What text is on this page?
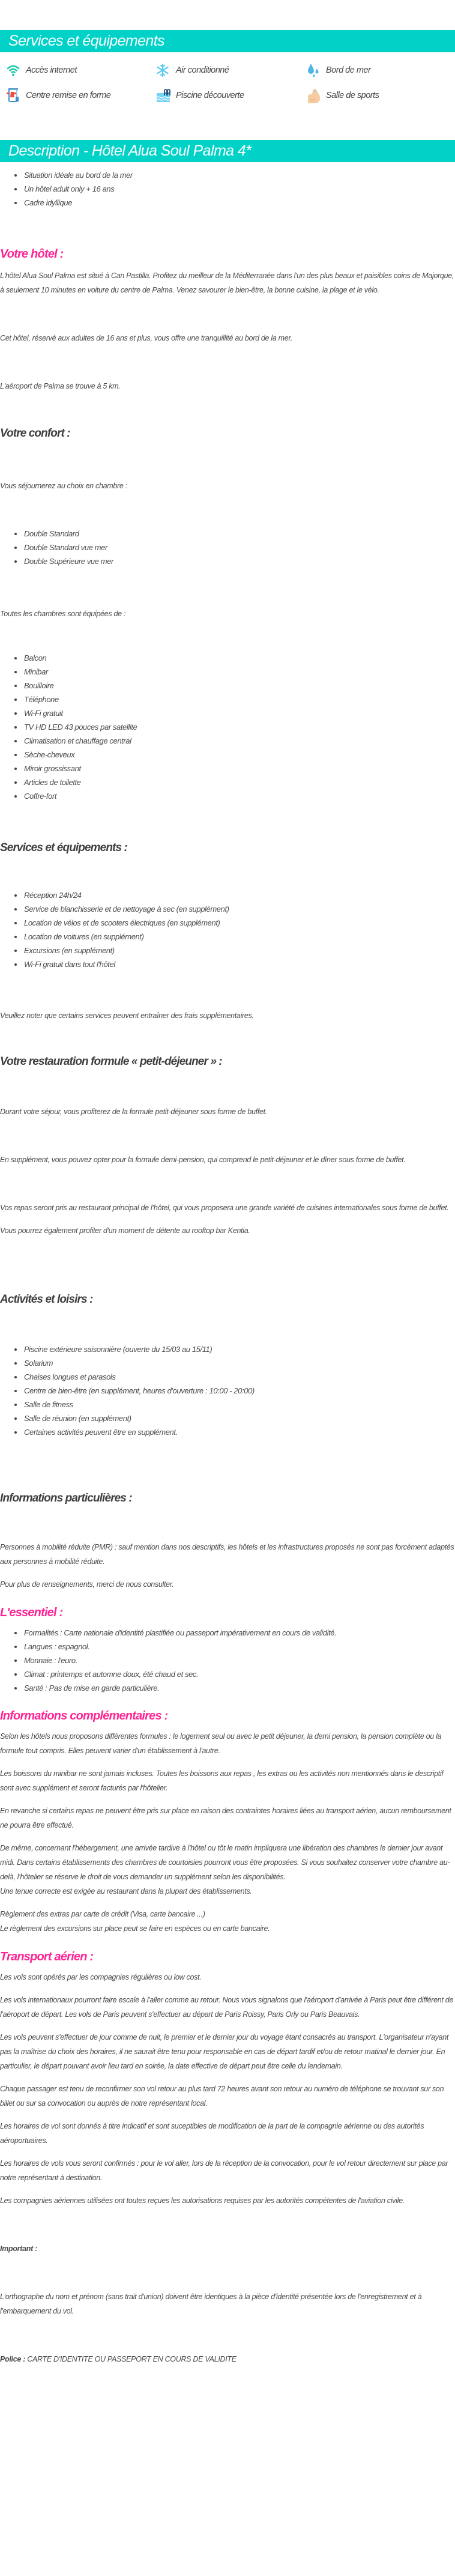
Services et équipements
Accès internet	Air conditionné	Bord de mer
Centre remise en forme	Piscine découverte	Salle de sports
Description - Hôtel Alua Soul Palma 4*
Situation idéale au bord de la mer
Un hôtel adult only + 16 ans
Cadre idyllique
Votre hôtel :

L'hôtel Alua Soul Palma est situé à Can Pastilla. Profitez du meilleur de la Méditerranée dans l'un des plus beaux et paisibles coins de Majorque, à seulement 10 minutes en voiture du centre de Palma. Venez savourer le bien-être, la bonne cuisine, la plage et le vélo.

Cet hôtel, réservé aux adultes de 16 ans et plus, vous offre une tranquillité au bord de la mer.

L'aéroport de Palma se trouve à 5 km.

Votre confort :

Vous séjournerez au choix en chambre :

Double Standard
Double Standard vue mer
Double Supérieure vue mer

Toutes les chambres sont équipées de :

Balcon
Minibar
Bouilloire
Téléphone
Wi-Fi gratuit
TV HD LED 43 pouces par satellite
Climatisation et chauffage central
Sèche-cheveux
Miroir grossissant
Articles de toilette
Coffre-fort
Services et équipements :
Réception 24h/24
Service de blanchisserie et de nettoyage à sec (en supplément)
Location de vélos et de scooters électriques (en supplément)
Location de voitures (en supplément)
Excursions (en supplément)
Wi-Fi gratuit dans tout l'hôtel

Veuillez noter que certains services peuvent entraîner des frais supplémentaires.

Votre restauration formule « petit-déjeuner » :

Durant votre séjour, vous profiterez de la formule petit-déjeuner sous forme de buffet.

En supplément, vous pouvez opter pour la formule demi-pension, qui comprend le petit-déjeuner et le dîner sous forme de buffet.

Vos repas seront pris au restaurant principal de l’hôtel, qui vous proposera une grande variété de cuisines internationales sous forme de buffet.

Vous pourrez également profiter d'un moment de détente au rooftop bar Kentia.

Activités et loisirs :
Piscine extérieure saisonnière (ouverte du 15/03 au 15/11)
Solarium
Chaises longues et parasols
Centre de bien-être (en supplément, heures d'ouverture : 10:00 - 20:00)
Salle de fitness
Salle de réunion (en supplément)
Certaines activités peuvent être en supplément.
Informations particulières :

Personnes à mobilité réduite (PMR) : sauf mention dans nos descriptifs, les hôtels et les infrastructures proposés ne sont pas forcément adaptés aux personnes à mobilité réduite.

Pour plus de renseignements, merci de nous consulter.

L'essentiel :
Formalités : Carte nationale d'identité plastifiée ou passeport impérativement en cours de validité.
Langues : espagnol.
Monnaie : l'euro.
Climat : printemps et automne doux, été chaud et sec.
Santé : Pas de mise en garde particulière.
Informations complémentaires :

Selon les hôtels nous proposons différentes formules : le logement seul ou avec le petit déjeuner, la demi pension, la pension complète ou la formule tout compris. Elles peuvent varier d'un établissement à l'autre.

Les boissons du minibar ne sont jamais incluses. Toutes les boissons aux repas , les extras ou les activités non mentionnés dans le descriptif sont avec supplément et seront facturés par l'hôtelier.

En revanche si certains repas ne peuvent être pris sur place en raison des contraintes horaires liées au transport aérien, aucun remboursement ne pourra être effectué.

De même, concernant l'hébergement, une arrivée tardive à l'hôtel ou tôt le matin impliquera une libération des chambres le dernier jour avant midi. Dans certains établissements des chambres de courtoisies pourront vous être proposées. Si vous souhaitez conserver votre chambre au-delà, l'hôtelier se réserve le droit de vous demander un supplément selon les disponibilités.

Une tenue correcte est exigée au restaurant dans la plupart des établissements.

Règlement des extras par carte de crédit (Visa, carte bancaire ...)

Le règlement des excursions sur place peut se faire en espèces ou en carte bancaire.

Transport aérien :

Les vols sont opérés par les compagnies régulières ou low cost.

Les vols internationaux pourront faire escale à l'aller comme au retour. Nous vous signalons que l'aéroport d'arrivée à Paris peut être différent de l'aéroport de départ. Les vols de Paris peuvent s'effectuer au départ de Paris Roissy, Paris Orly ou Paris Beauvais.

Les vols peuvent s'effectuer de jour comme de nuit, le premier et le dernier jour du voyage étant consacrés au transport. L'organisateur n'ayant pas la maîtrise du choix des horaires, il ne saurait être tenu pour responsable en cas de départ tardif et/ou de retour matinal le dernier jour. En particulier, le départ pouvant avoir lieu tard en soirée, la date effective de départ peut être celle du lendemain.

Chaque passager est tenu de reconfirmer son vol retour au plus tard 72 heures avant son retour au numéro de téléphone se trouvant sur son billet ou sur sa convocation ou auprès de notre représentant local.

Les horaires de vol sont donnés à titre indicatif et sont suceptibles de modification de la part de la compagnie aérienne ou des autorités aéroportuaires.

Les horaires de vols vous seront confirmés : pour le vol aller, lors de la réception de la convocation, pour le vol retour directement sur place par notre représentant à destination.

Les compagnies aériennes utilisées ont toutes reçues les autorisations requises par les autorités compétentes de l'aviation civile.

Important :

L'orthographe du nom et prénom (sans trait d'union) doivent être identiques à la pièce d'identité présentée lors de l'enregistrement et à l'embarquement du vol.

Police : CARTE D'IDENTITE OU PASSEPORT EN COURS DE VALIDITE
